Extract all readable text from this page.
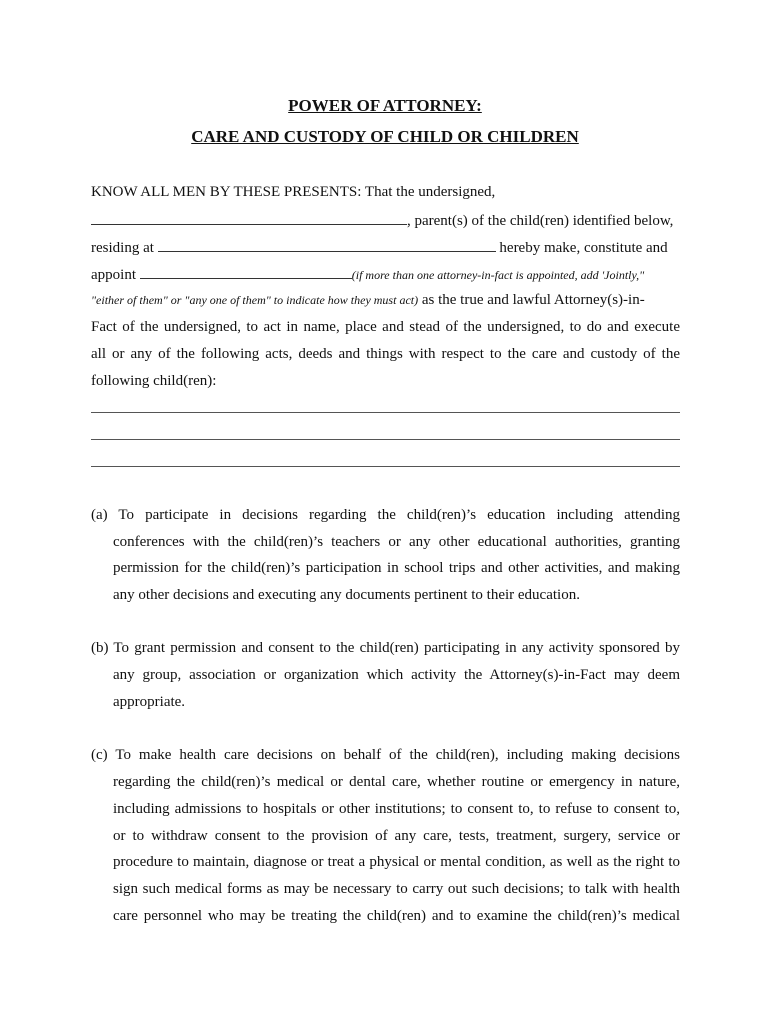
POWER OF ATTORNEY:
CARE AND CUSTODY OF CHILD OR CHILDREN
KNOW ALL MEN BY THESE PRESENTS: That the undersigned,
, parent(s) of the child(ren) identified below,
residing at	hereby make, constitute and
appoint	(if more than one attorney-in-fact is appointed, add 'Jointly,"
"either of them" or "any one of them" to indicate how they must act) as the true and lawful Attorney(s)-in-
Fact of the undersigned, to act in name, place and stead of the undersigned, to do and execute
all or any of the following acts, deeds and things with respect to the care and custody of the
following child(ren):
(a) To participate in decisions regarding the child(ren)’s education including attending
conferences with the child(ren)’s teachers or any other educational authorities, granting
permission for the child(ren)’s participation in school trips and other activities, and making
any other decisions and executing any documents pertinent to their education.
(b) To grant permission and consent to the child(ren) participating in any activity sponsored by
any group, association or organization which activity the Attorney(s)-in-Fact may deem
appropriate.
(c) To make health care decisions on behalf of the child(ren), including making decisions
regarding the child(ren)’s medical or dental care, whether routine or emergency in nature,
including admissions to hospitals or other institutions; to consent to, to refuse to consent to,
or to withdraw consent to the provision of any care, tests, treatment, surgery, service or
procedure to maintain, diagnose or treat a physical or mental condition, as well as the right to
sign such medical forms as may be necessary to carry out such decisions; to talk with health
care personnel who may be treating the child(ren) and to examine the child(ren)’s medical
